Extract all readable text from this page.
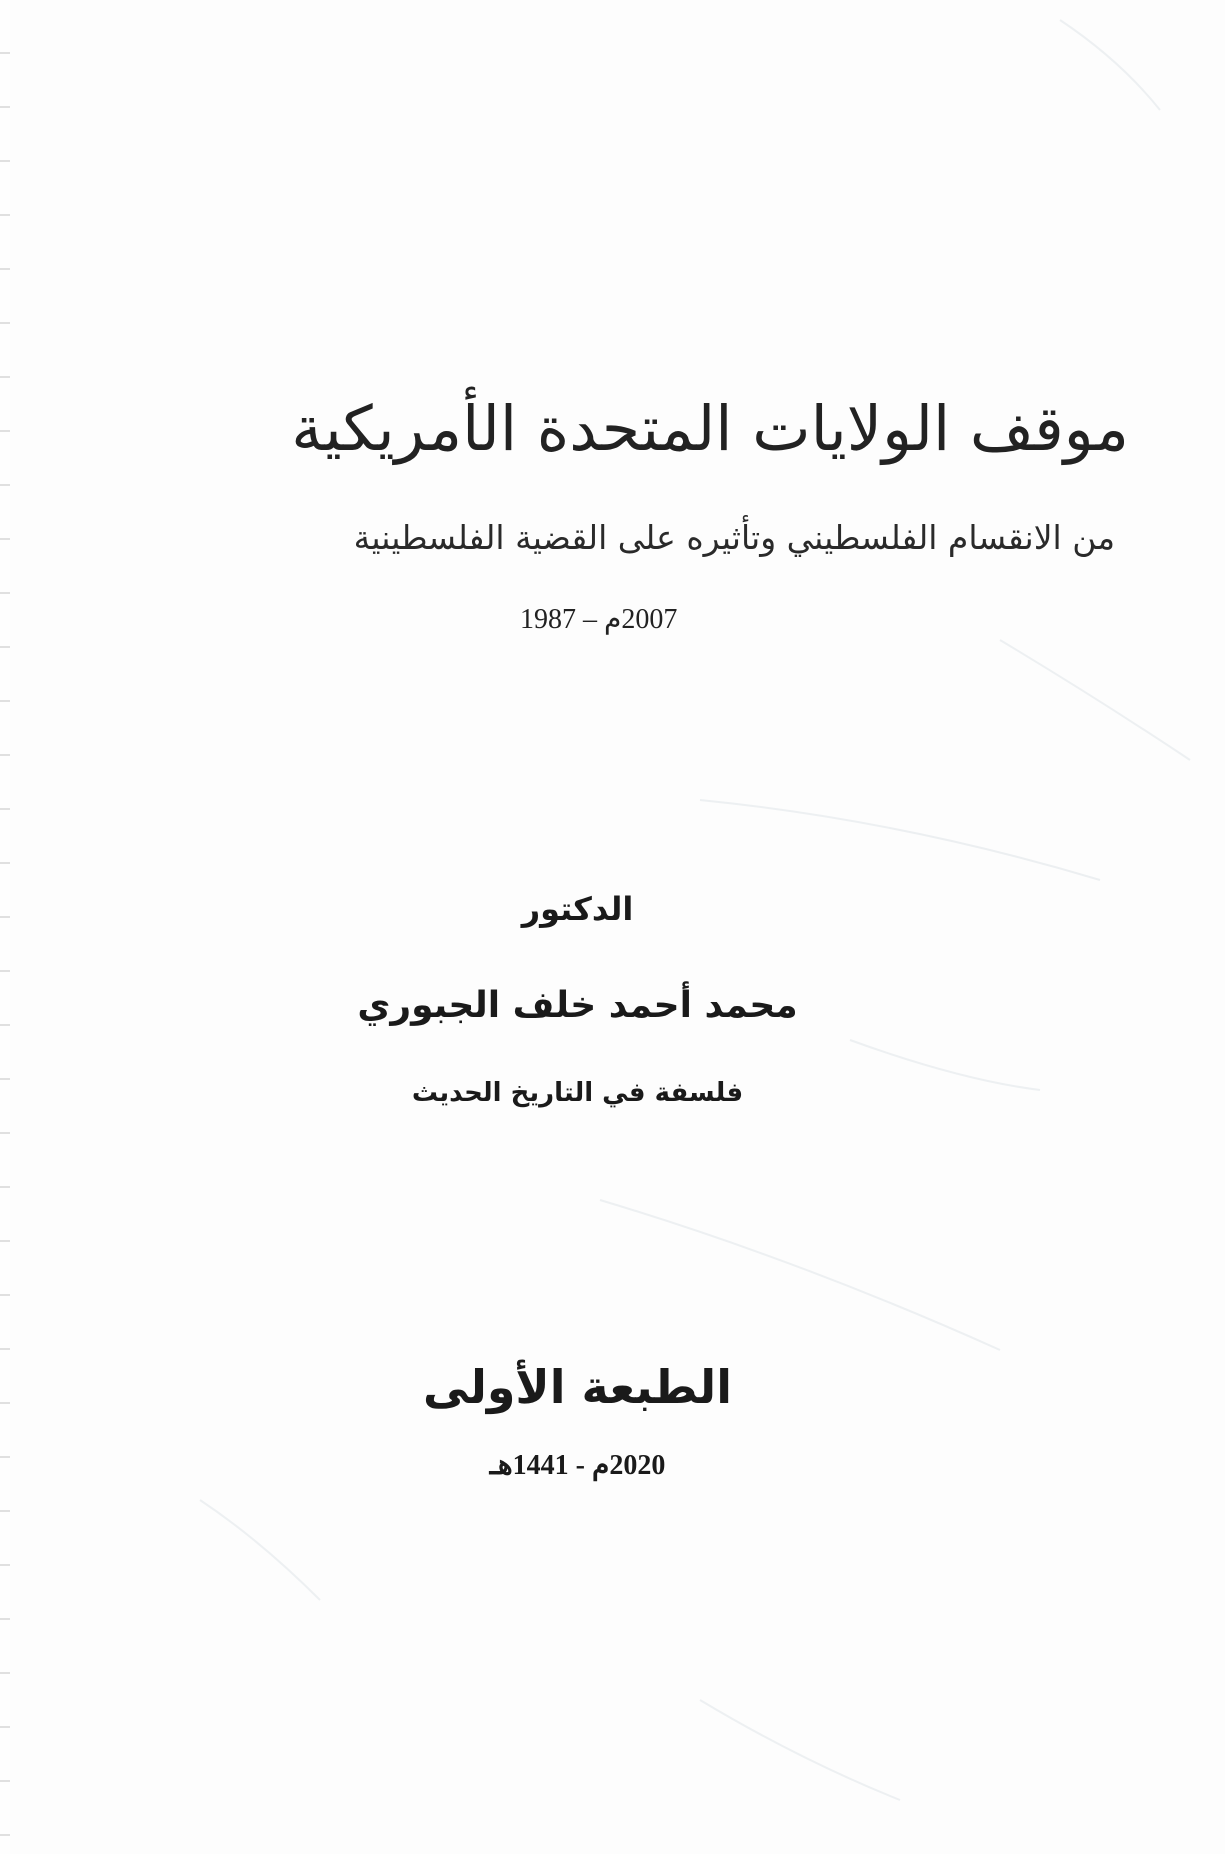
موقف الولايات المتحدة الأمريكية
من الانقسام الفلسطيني وتأثيره على القضية الفلسطينية
1987 – 2007م
الدكتور
محمد أحمد خلف الجبوري
فلسفة في التاريخ الحديث
الطبعة الأولى
2020م - 1441هـ
